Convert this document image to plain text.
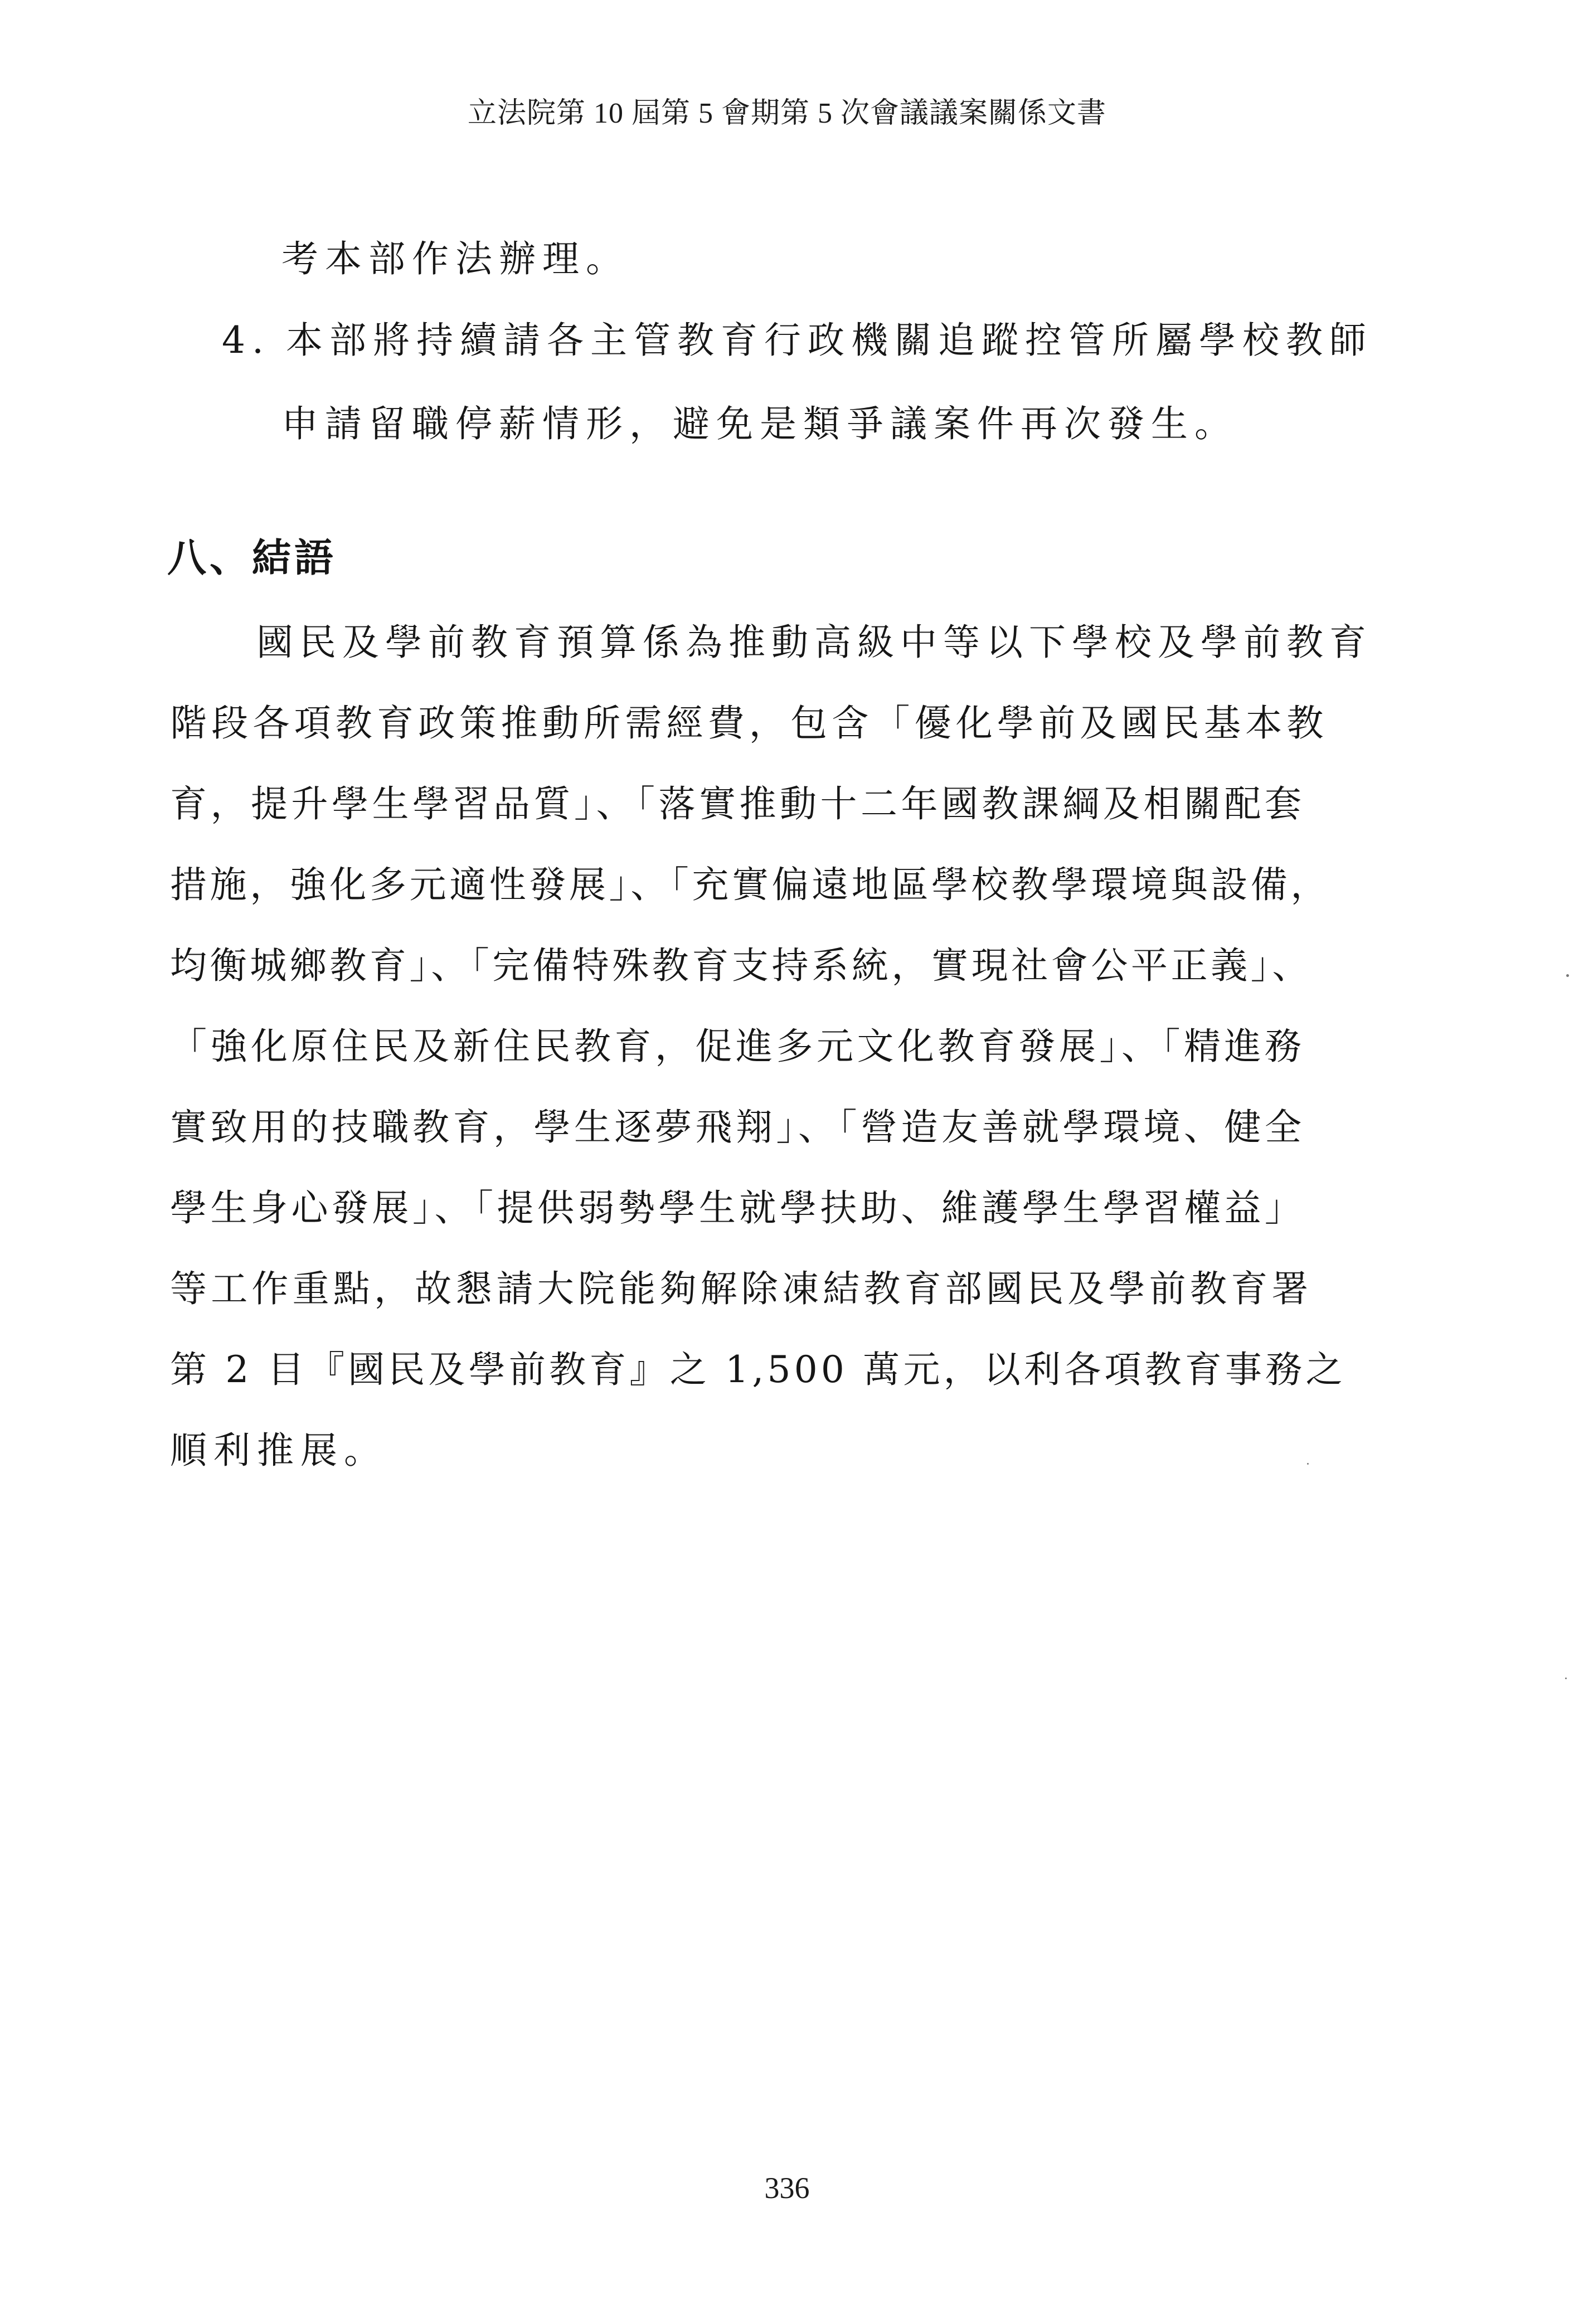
立法院第 10 屆第 5 會期第 5 次會議議案關係文書
考本部作法辦理。
4. 本部將持續請各主管教育行政機關追蹤控管所屬學校教師
申請留職停薪情形，避免是類爭議案件再次發生。
八、結語
國民及學前教育預算係為推動高級中等以下學校及學前教育
階段各項教育政策推動所需經費，包含「優化學前及國民基本教
育，提升學生學習品質」、「落實推動十二年國教課綱及相關配套
措施，強化多元適性發展」、「充實偏遠地區學校教學環境與設備，
均衡城鄉教育」、「完備特殊教育支持系統，實現社會公平正義」、
「強化原住民及新住民教育，促進多元文化教育發展」、「精進務
實致用的技職教育，學生逐夢飛翔」、「營造友善就學環境、健全
學生身心發展」、「提供弱勢學生就學扶助、維護學生學習權益」
等工作重點，故懇請大院能夠解除凍結教育部國民及學前教育署
第 2 目『國民及學前教育』之 1,500 萬元，以利各項教育事務之
順利推展。
336
